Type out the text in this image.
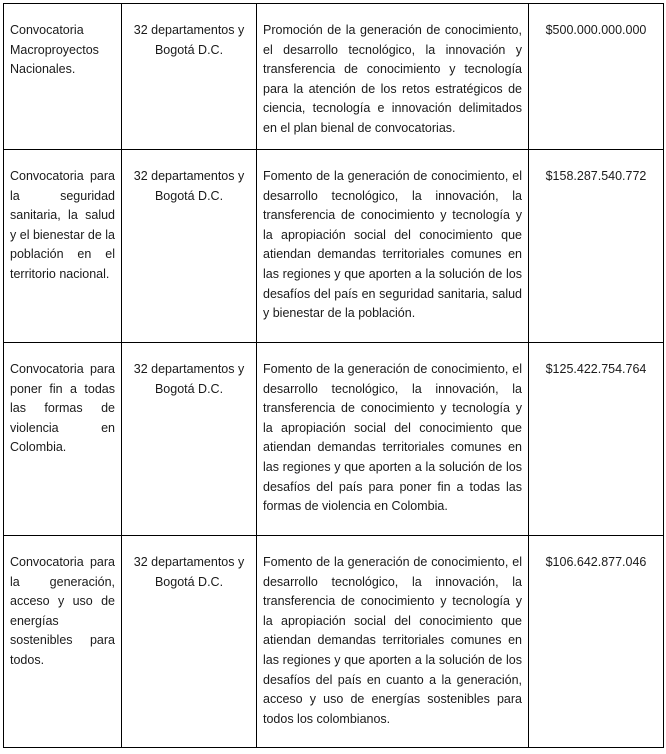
Convocatoria Macroproyectos Nacionales.	32 departamentos y Bogotá D.C.	Promoción de la generación de conocimiento, el desarrollo tecnológico, la innovación y transferencia de conocimiento y tecnología para la atención de los retos estratégicos de ciencia, tecnología e innovación delimitados en el plan bienal de convocatorias.	$500.000.000.000

Convocatoria para la seguridad sanitaria, la salud y el bienestar de la población en el territorio nacional.	32 departamentos y Bogotá D.C.	Fomento de la generación de conocimiento, el desarrollo tecnológico, la innovación, la transferencia de conocimiento y tecnología y la apropiación social del conocimiento que atiendan demandas territoriales comunes en las regiones y que aporten a la solución de los desafíos del país en seguridad sanitaria, salud y bienestar de la población.	$158.287.540.772

Convocatoria para poner fin a todas las formas de violencia en Colombia.	32 departamentos y Bogotá D.C.	Fomento de la generación de conocimiento, el desarrollo tecnológico, la innovación, la transferencia de conocimiento y tecnología y la apropiación social del conocimiento que atiendan demandas territoriales comunes en las regiones y que aporten a la solución de los desafíos del país para poner fin a todas las formas de violencia en Colombia.	$125.422.754.764

Convocatoria para la generación, acceso y uso de energías sostenibles para todos.	32 departamentos y Bogotá D.C.	Fomento de la generación de conocimiento, el desarrollo tecnológico, la innovación, la transferencia de conocimiento y tecnología y la apropiación social del conocimiento que atiendan demandas territoriales comunes en las regiones y que aporten a la solución de los desafíos del país en cuanto a la generación, acceso y uso de energías sostenibles para todos los colombianos.	$106.642.877.046
